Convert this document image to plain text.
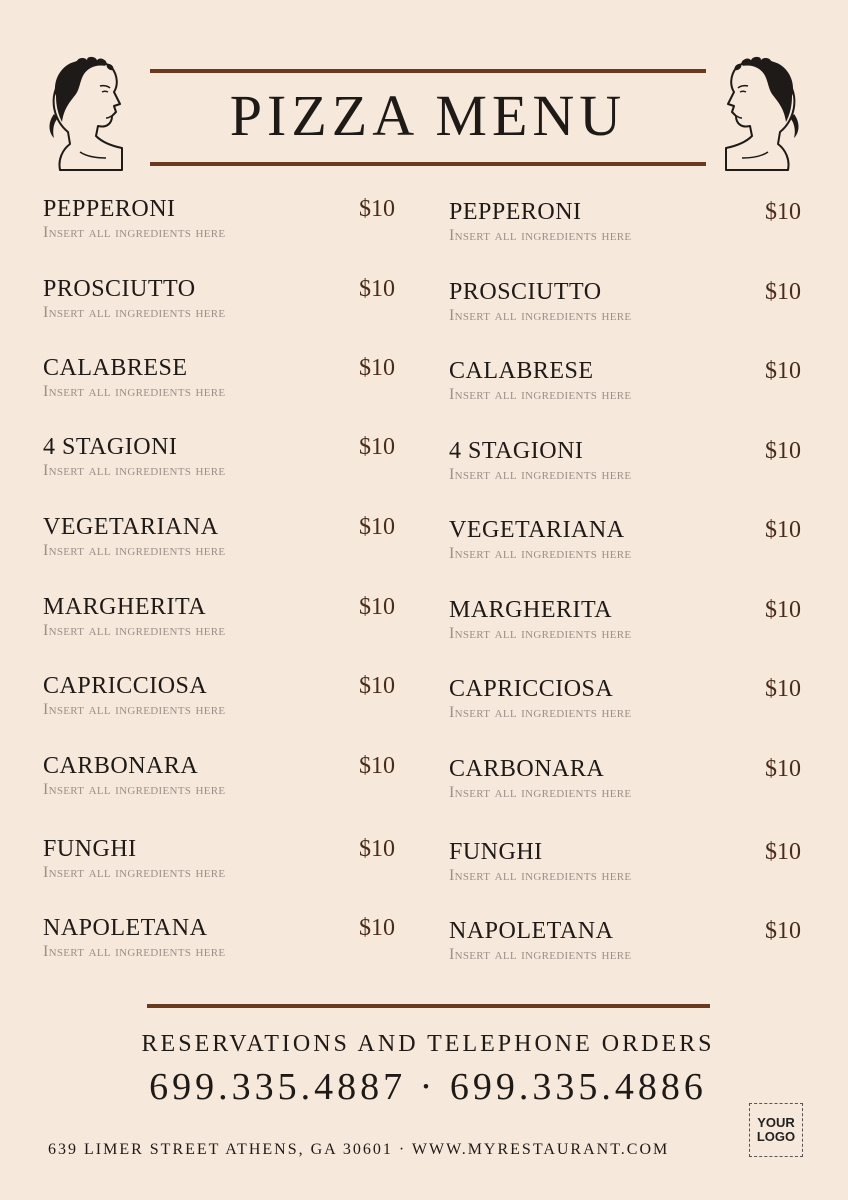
PIZZA MENU
PEPPERONI	$10
Insert all ingredients here
PROSCIUTTO	$10
Insert all ingredients here
CALABRESE	$10
Insert all ingredients here
4 STAGIONI	$10
Insert all ingredients here
VEGETARIANA	$10
Insert all ingredients here
MARGHERITA	$10
Insert all ingredients here
CAPRICCIOSA	$10
Insert all ingredients here
CARBONARA	$10
Insert all ingredients here
FUNGHI	$10
Insert all ingredients here
NAPOLETANA	$10
Insert all ingredients here
PEPPERONI	$10
Insert all ingredients here
PROSCIUTTO	$10
Insert all ingredients here
CALABRESE	$10
Insert all ingredients here
4 STAGIONI	$10
Insert all ingredients here
VEGETARIANA	$10
Insert all ingredients here
MARGHERITA	$10
Insert all ingredients here
CAPRICCIOSA	$10
Insert all ingredients here
CARBONARA	$10
Insert all ingredients here
FUNGHI	$10
Insert all ingredients here
NAPOLETANA	$10
Insert all ingredients here
RESERVATIONS AND TELEPHONE ORDERS
699.335.4887 · 699.335.4886
639 LIMER STREET ATHENS, GA 30601 · WWW.MYRESTAURANT.COM
YOUR
LOGO
